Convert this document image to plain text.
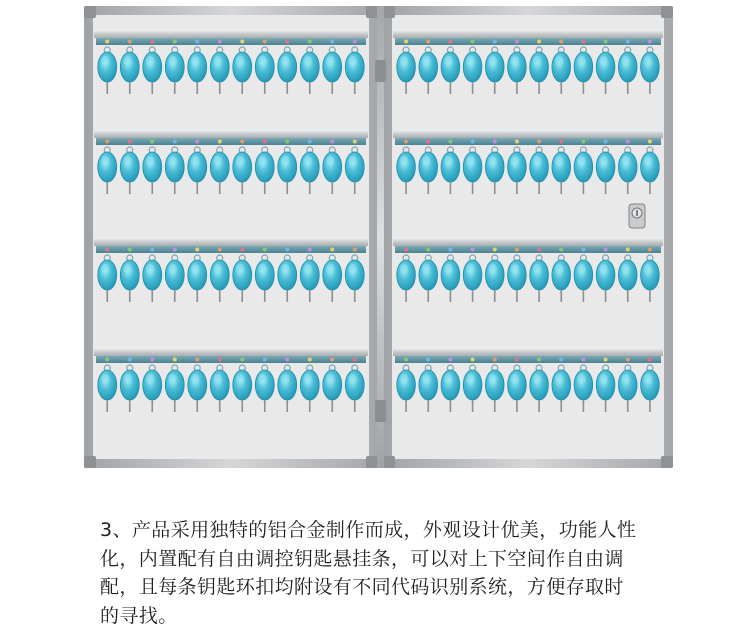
3、产品采用独特的铝合金制作而成，外观设计优美，功能人性化，内置配有自由调控钥匙悬挂条，可以对上下空间作自由调配，且每条钥匙环扣均附设有不同代码识别系统，方便存取时的寻找。
